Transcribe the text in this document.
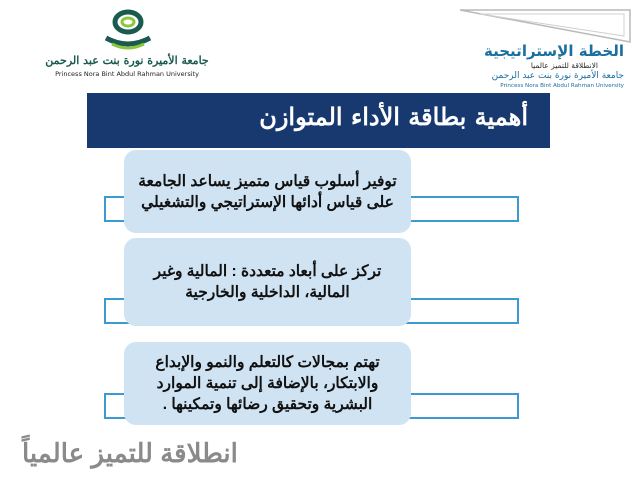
جامعة الأميرة نورة بنت عبد الرحمن
Princess Nora Bint Abdul Rahman University
الخطة الإستراتيجية
الانطلاقة للتميز عالميا
جامعة الأميرة نورة بنت عبد الرحمن
Princess Nora Bint Abdul Rahman University
أهمية بطاقة الأداء المتوازن
توفير أسلوب قياس متميز يساعد الجامعة على قياس أدائها الإستراتيجي والتشغيلي
تركز على أبعاد متعددة : المالية وغير المالية، الداخلية والخارجية
تهتم بمجالات كالتعلم والنمو والإبداع والابتكار، بالإضافة إلى تنمية الموارد البشرية وتحقيق رضائها وتمكينها .
انطلاقة للتميز عالمياً
